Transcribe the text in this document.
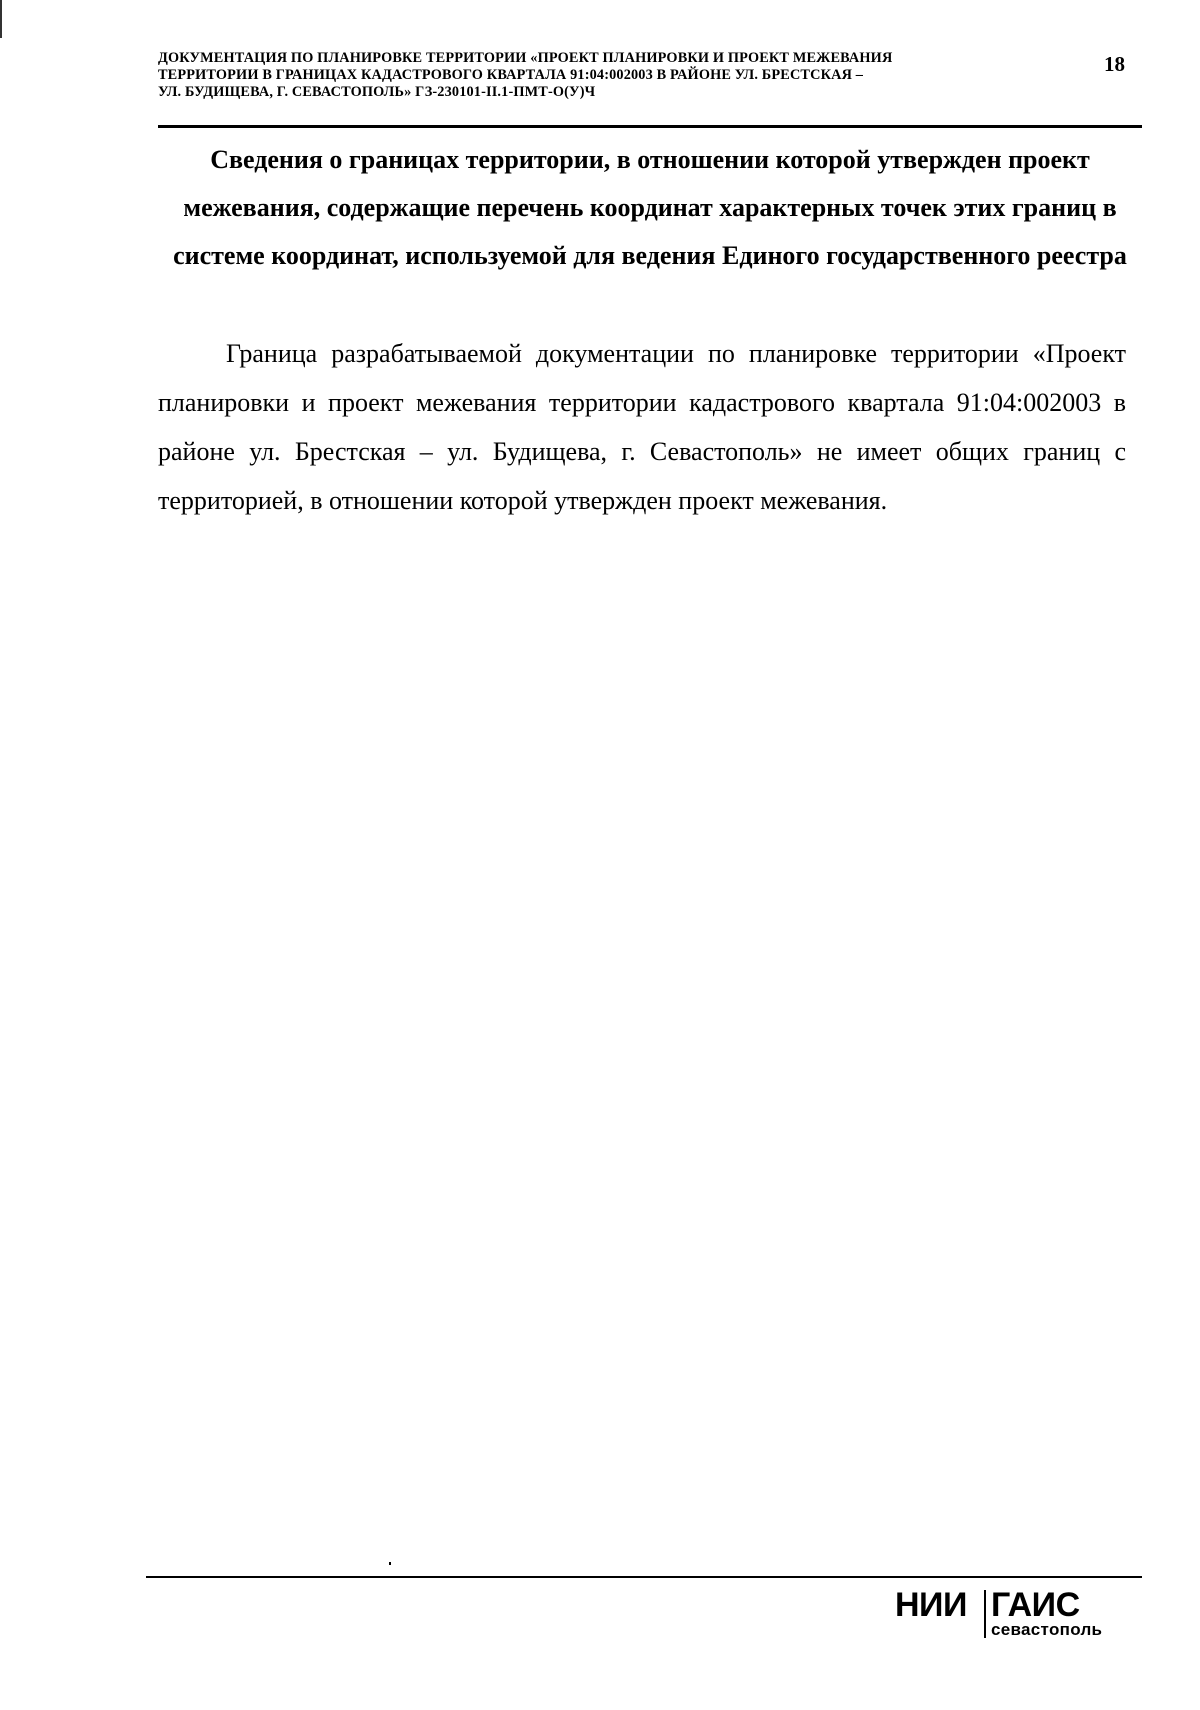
ДОКУМЕНТАЦИЯ ПО ПЛАНИРОВКЕ ТЕРРИТОРИИ «ПРОЕКТ ПЛАНИРОВКИ И ПРОЕКТ МЕЖЕВАНИЯ
ТЕРРИТОРИИ В ГРАНИЦАХ КАДАСТРОВОГО КВАРТАЛА 91:04:002003 В РАЙОНЕ УЛ. БРЕСТСКАЯ –
УЛ. БУДИЩЕВА, Г. СЕВАСТОПОЛЬ» ГЗ-230101-II.1-ПМТ-О(У)Ч
18
Сведения о границах территории, в отношении которой утвержден проект межевания, содержащие перечень координат характерных точек этих границ в системе координат, используемой для ведения Единого государственного реестра
Граница разрабатываемой документации по планировке территории «Проект планировки и проект межевания территории кадастрового квартала 91:04:002003 в районе ул. Брестская – ул. Будищева, г. Севастополь» не имеет общих границ с территорией, в отношении которой утвержден проект межевания.
НИИ ГАИС
севастополь
